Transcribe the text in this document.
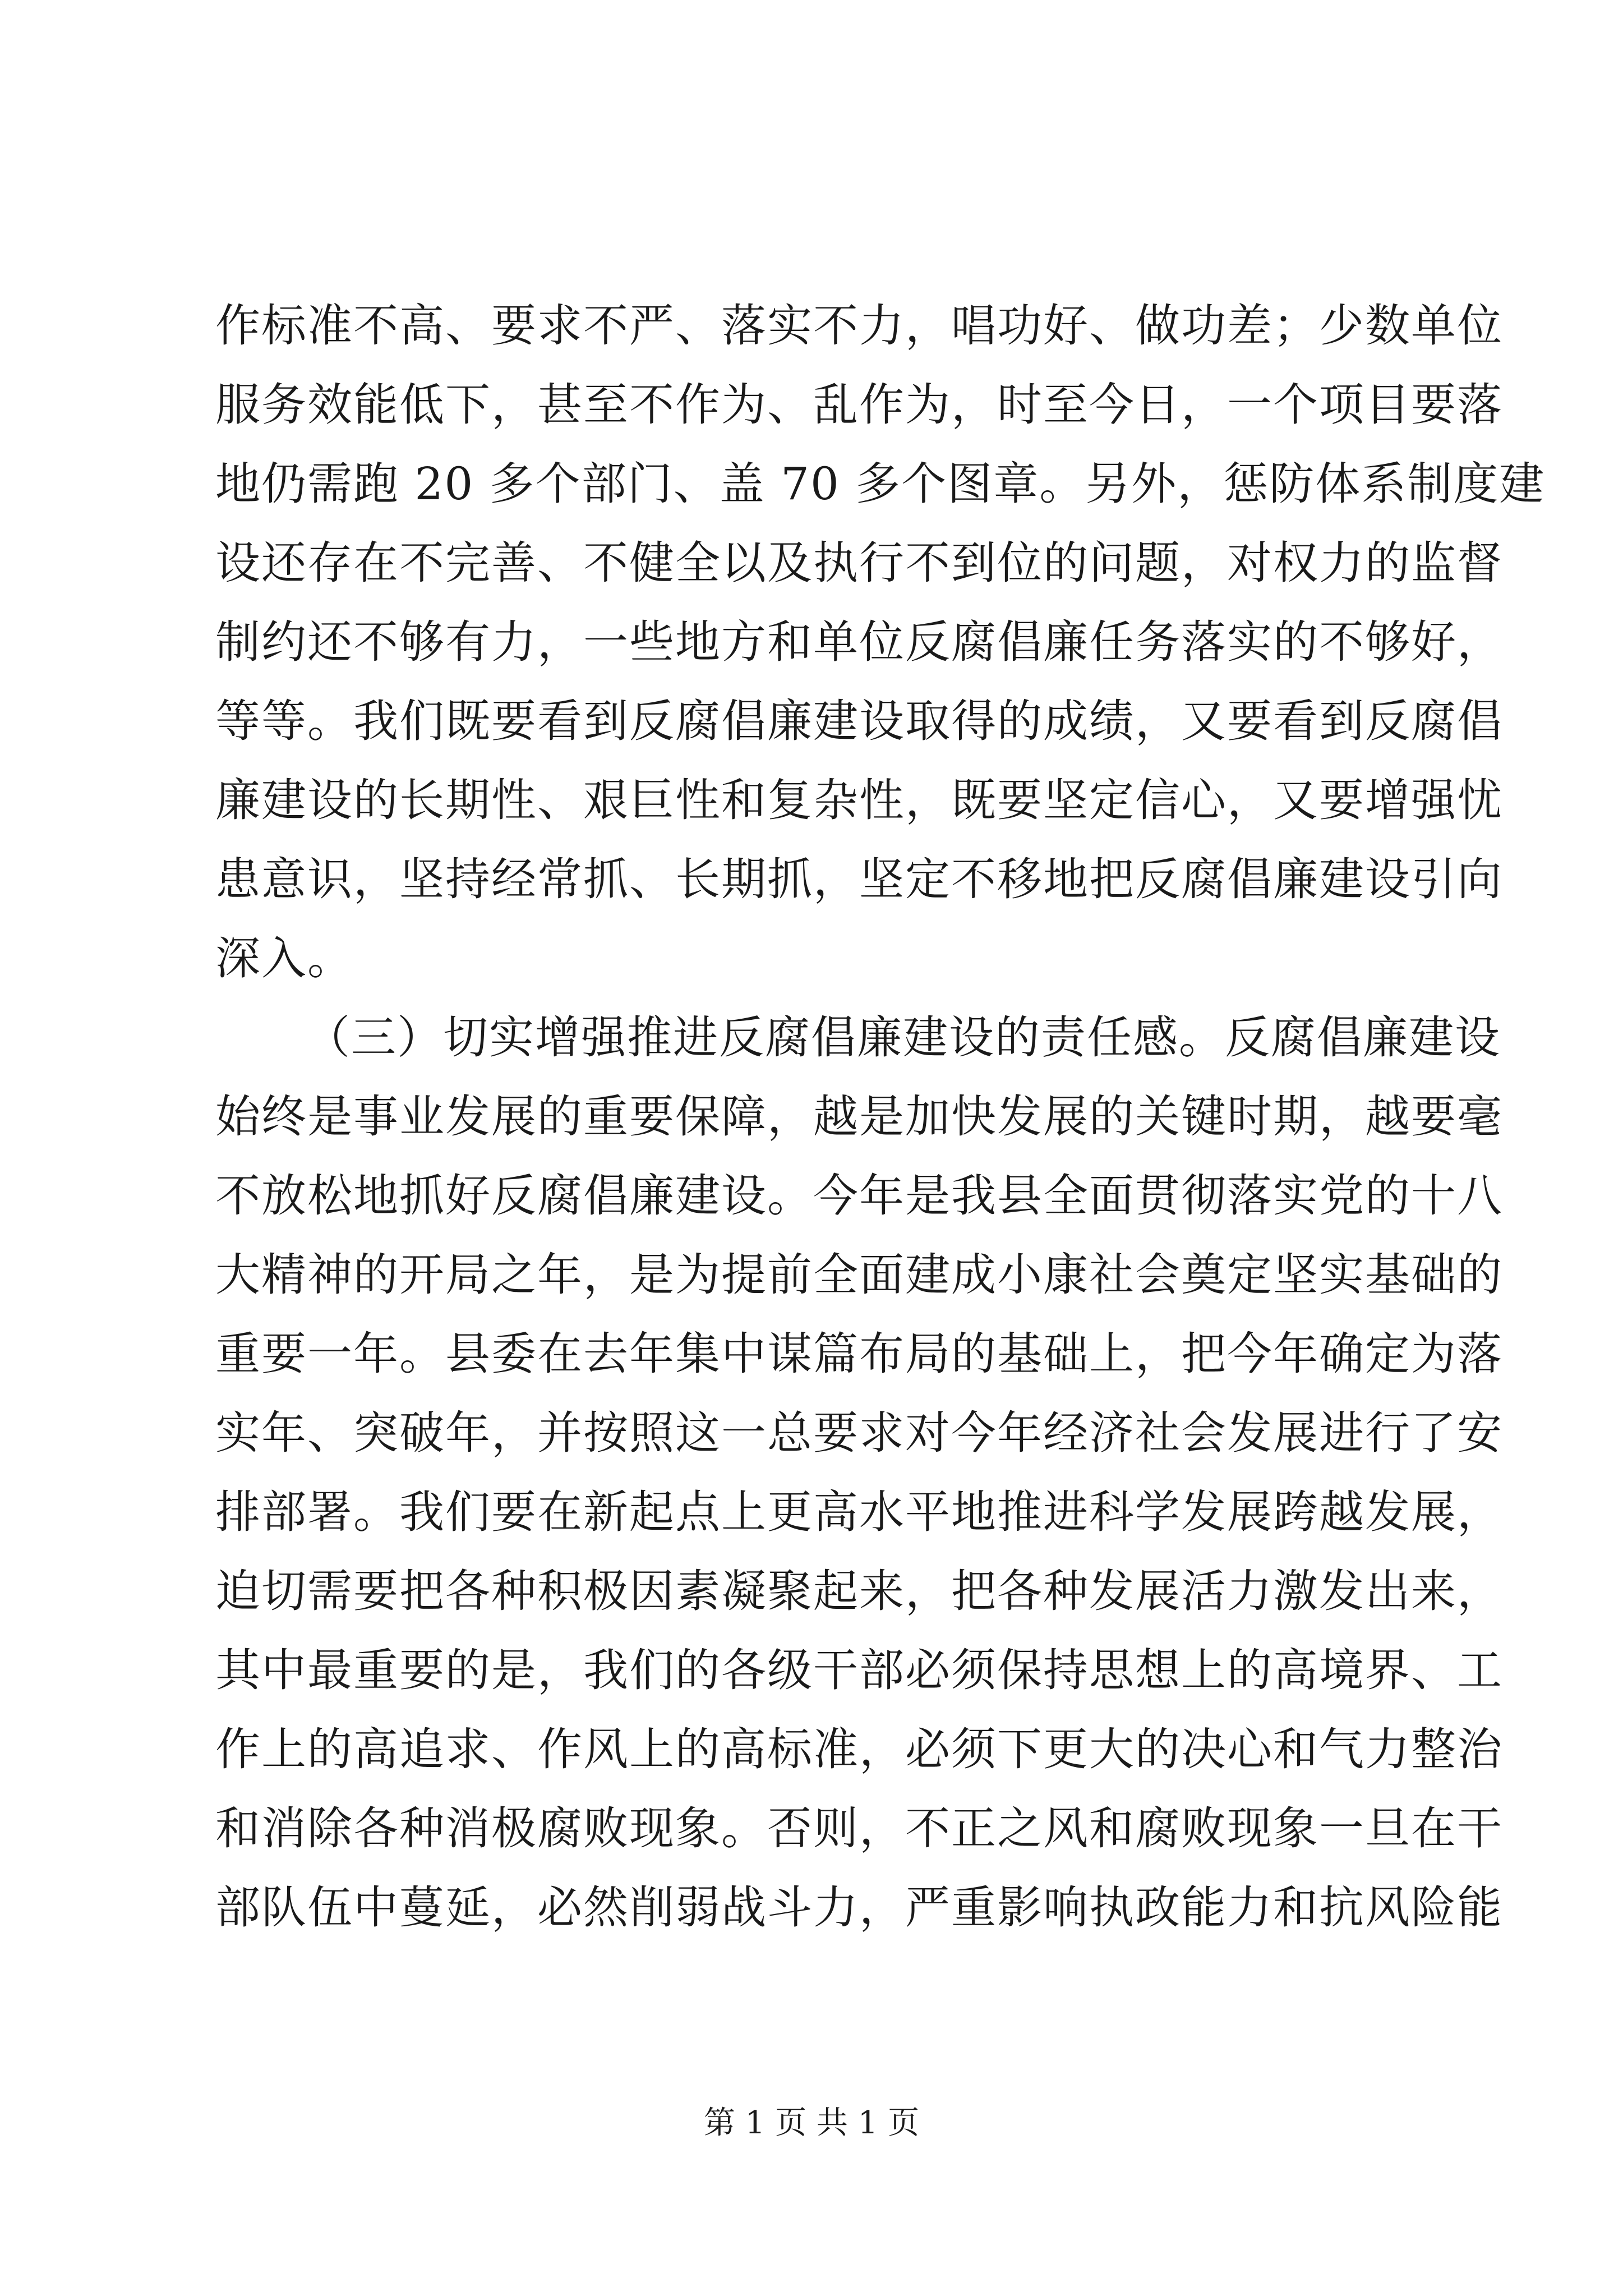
作标准不高、要求不严、落实不力，唱功好、做功差；少数单位
服务效能低下，甚至不作为、乱作为，时至今日，一个项目要落
地仍需跑 20 多个部门、盖 70 多个图章。另外，惩防体系制度建
设还存在不完善、不健全以及执行不到位的问题，对权力的监督
制约还不够有力，一些地方和单位反腐倡廉任务落实的不够好，
等等。我们既要看到反腐倡廉建设取得的成绩，又要看到反腐倡
廉建设的长期性、艰巨性和复杂性，既要坚定信心，又要增强忧
患意识，坚持经常抓、长期抓，坚定不移地把反腐倡廉建设引向
深入。
（三）切实增强推进反腐倡廉建设的责任感。反腐倡廉建设
始终是事业发展的重要保障，越是加快发展的关键时期，越要毫
不放松地抓好反腐倡廉建设。今年是我县全面贯彻落实党的十八
大精神的开局之年，是为提前全面建成小康社会奠定坚实基础的
重要一年。县委在去年集中谋篇布局的基础上，把今年确定为落
实年、突破年，并按照这一总要求对今年经济社会发展进行了安
排部署。我们要在新起点上更高水平地推进科学发展跨越发展，
迫切需要把各种积极因素凝聚起来，把各种发展活力激发出来，
其中最重要的是，我们的各级干部必须保持思想上的高境界、工
作上的高追求、作风上的高标准，必须下更大的决心和气力整治
和消除各种消极腐败现象。否则，不正之风和腐败现象一旦在干
部队伍中蔓延，必然削弱战斗力，严重影响执政能力和抗风险能
第 1 页 共 1 页
